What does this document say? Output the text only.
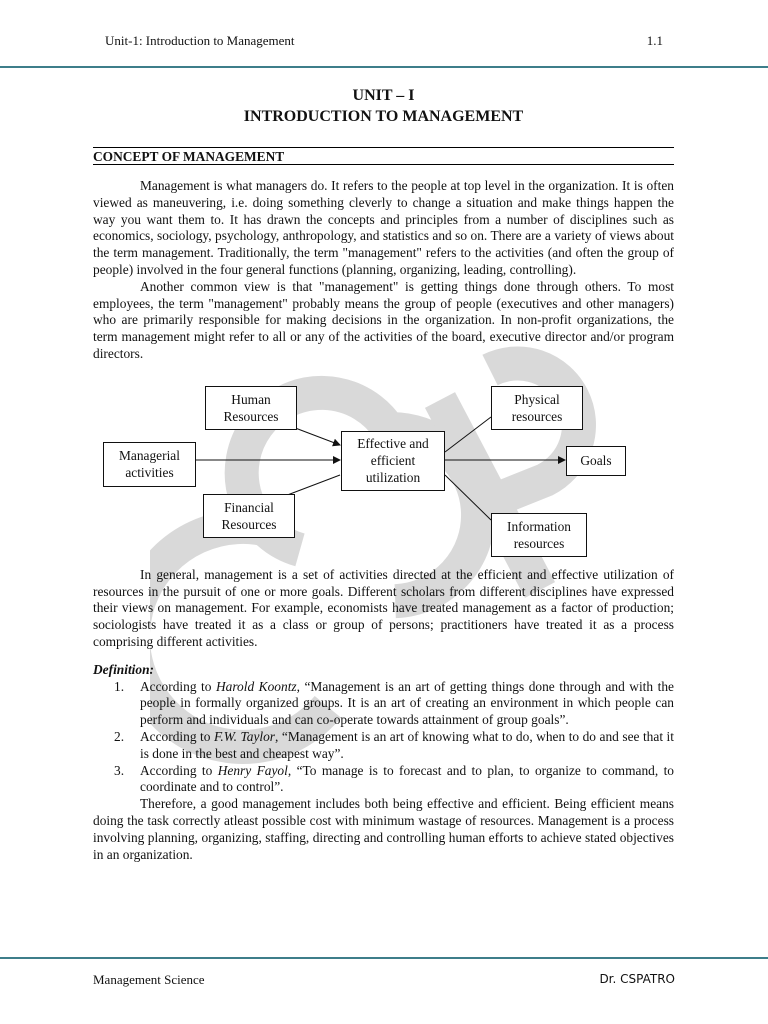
Unit-1: Introduction to Management	1.1
UNIT – I
INTRODUCTION TO MANAGEMENT
CONCEPT OF MANAGEMENT

Management is what managers do. It refers to the people at top level in the organization. It is often viewed as maneuvering, i.e. doing something cleverly to change a situation and make things happen the way you want them to. It has drawn the concepts and principles from a number of disciplines such as economics, sociology, psychology, anthropology, and statistics and so on. There are a variety of views about the term management. Traditionally, the term "management" refers to the activities (and often the group of people) involved in the four general functions (planning, organizing, leading, controlling).

Another common view is that "management" is getting things done through others. To most employees, the term "management" probably means the group of people (executives and other managers) who are primarily responsible for making decisions in the organization. In non-profit organizations, the term management might refer to all or any of the activities of the board, executive director and/or program directors.

Human
Resources
Physical
resources
Managerial
activities
Effective and
efficient
utilization
Goals
Financial
Resources	Information
resources

In general, management is a set of activities directed at the efficient and effective utilization of resources in the pursuit of one or more goals. Different scholars from different disciplines have expressed their views on management. For example, economists have treated management as a factor of production; sociologists have treated it as a class or group of persons; practitioners have treated it as a process comprising different activities.

Definition:
1. According to Harold Koontz, “Management is an art of getting things done through and with the people in formally organized groups. It is an art of creating an environment in which people can perform and individuals and can co-operate towards attainment of group goals”.
2. According to F.W. Taylor, “Management is an art of knowing what to do, when to do and see that it is done in the best and cheapest way”.
3. According to Henry Fayol, “To manage is to forecast and to plan, to organize to command, to coordinate and to control”.

Therefore, a good management includes both being effective and efficient. Being efficient means doing the task correctly atleast possible cost with minimum wastage of resources. Management is a process involving planning, organizing, staffing, directing and controlling human efforts to achieve stated objectives in an organization.

Management Science	Dr. CSPATRO
